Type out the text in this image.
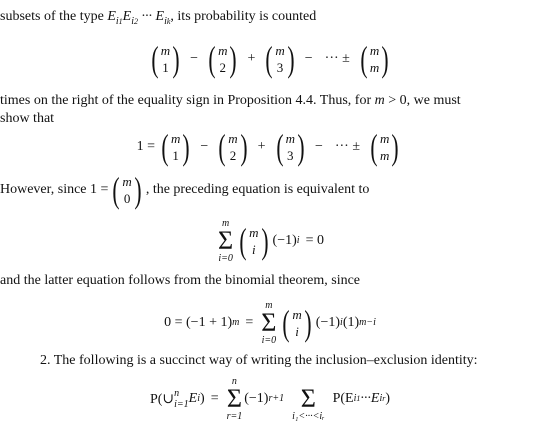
subsets of the type $E_{i1}E_{i2}$ ··· $E_{ik}$, its probability is counted
( m
1 ) − ( m
2 ) + ( m
3 ) − ··· ± ( m
m )
times on the right of the equality sign in Proposition 4.4. Thus, for m > 0, we must
show that
1 = ( m
1 ) − ( m
2 ) + ( m
3 ) − ··· ± ( m
m )
However, since 1 = ( m
0 ) , the preceding equation is equivalent to
m
Σ
i=0 ( m
i ) (−1) i = 0
and the latter equation follows from the binomial theorem, since
0 = (−1 + 1) m =
m
Σ
i=0 ( m
i ) (−1) i (1) m−i
2. The following is a succinct way of writing the inclusion–exclusion identity:
P(∪ n
i=1 E i ) =
n
Σ
r=1
(−1) r+1
Σ
i₁<···<iᵣ
P(E i1 ··· E ir )
